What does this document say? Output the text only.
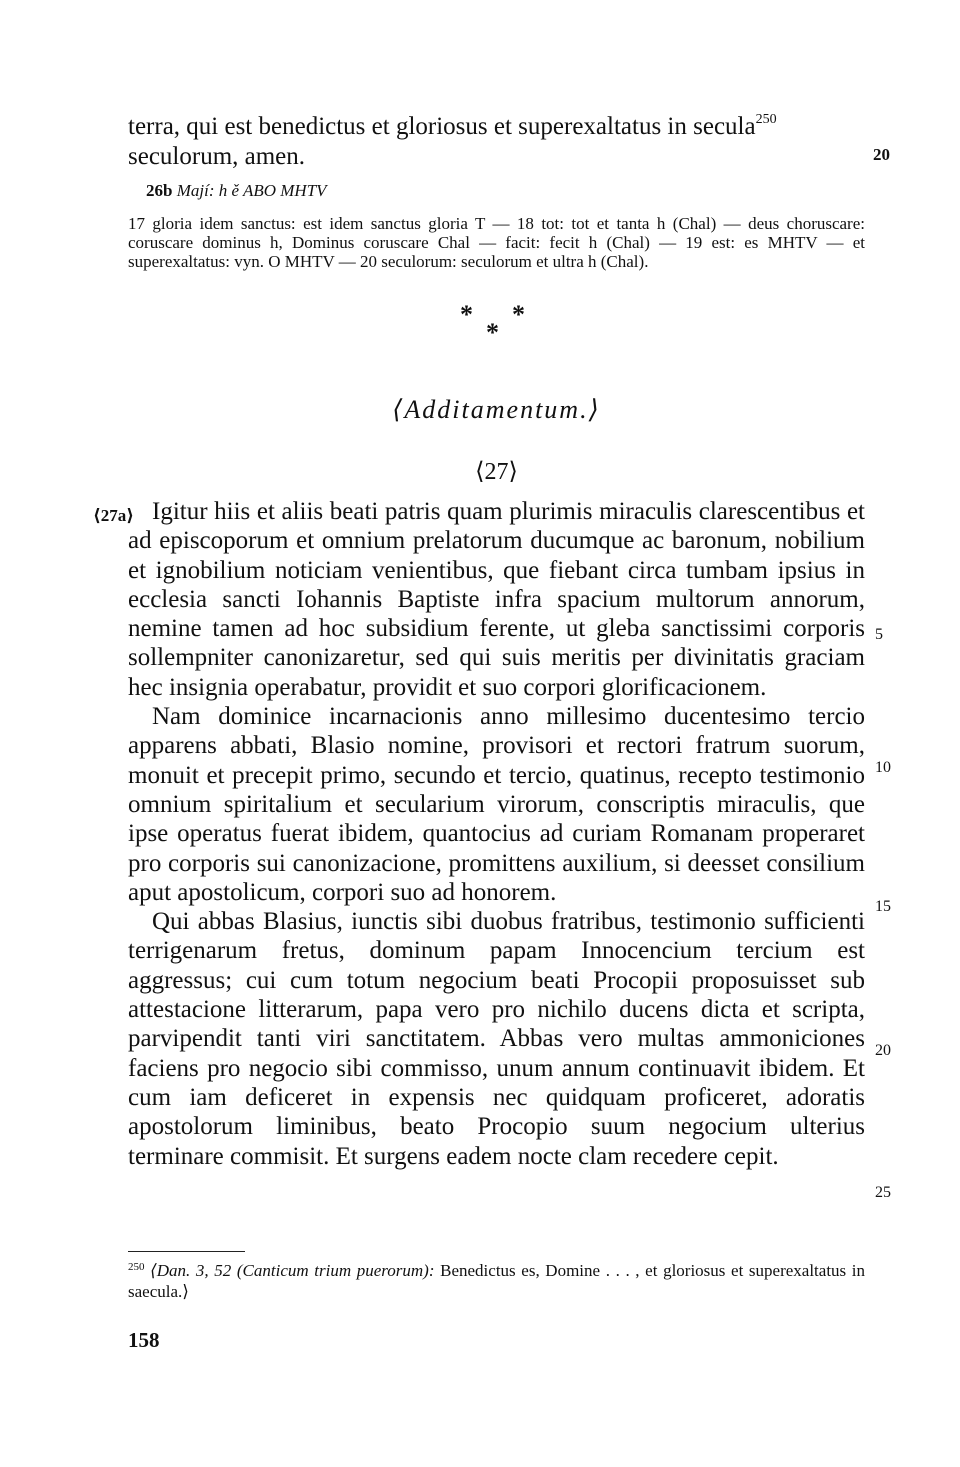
terra, qui est benedictus et gloriosus et superexaltatus in secula$^{250}$
seculorum, amen.	20
26b Mají: h ě ABO MHTV
17 gloria idem sanctus: est idem sanctus gloria T — 18 tot: tot et tanta h (Chal) — deus choruscare: coruscare dominus h, Dominus coruscare Chal — facit: fecit h (Chal) — 19 est: es MHTV — et superexaltatus: vyn. O MHTV — 20 seculorum: seculorum et ultra h (Chal).
* *
*
⟨Additamentum.⟩
⟨27⟩
⟨27a⟩ Igitur hiis et aliis beati patris quam plurimis miraculis clarescentibus et ad episcoporum et omnium prelatorum ducumque ac baronum, nobilium et ignobilium noticiam venientibus, que fiebant circa tumbam ipsius in ecclesia sancti Iohannis Baptiste infra spacium multorum annorum, nemine tamen ad hoc subsidium ferente, ut gleba sanctissimi corporis sollempniter canonizaretur, sed qui suis meritis per divinitatis graciam hec insignia operabatur, providit et suo corpori glorificacionem.

Nam dominice incarnacionis anno millesimo ducentesimo tercio apparens abbati, Blasio nomine, provisori et rectori fratrum suorum, monuit et precepit primo, secundo et tercio, quatinus, recepto testimonio omnium spiritalium et secularium virorum, conscriptis miraculis, que ipse operatus fuerat ibidem, quantocius ad curiam Romanam properaret pro corporis sui canonizacione, promittens auxilium, si deesset consilium aput apostolicum, corpori suo ad honorem.

Qui abbas Blasius, iunctis sibi duobus fratribus, testimonio sufficienti terrigenarum fretus, dominum papam Innocencium tercium est aggressus; cui cum totum negocium beati Procopii proposuisset sub attestacione litterarum, papa vero pro nichilo ducens dicta et scripta, parvipendit tanti viri sanctitatem. Abbas vero multas ammoniciones faciens pro negocio sibi commisso, unum annum continuavit ibidem. Et cum iam deficeret in expensis nec quidquam proficeret, adoratis apostolorum liminibus, beato Procopio suum negocium ulterius terminare commisit. Et surgens eadem nocte clam recedere cepit.

5
10
15
20
25
$^{250}$ ⟨Dan. 3, 52 (Canticum trium puerorum): Benedictus es, Domine . . . , et gloriosus et superexaltatus in saecula.⟩
158
